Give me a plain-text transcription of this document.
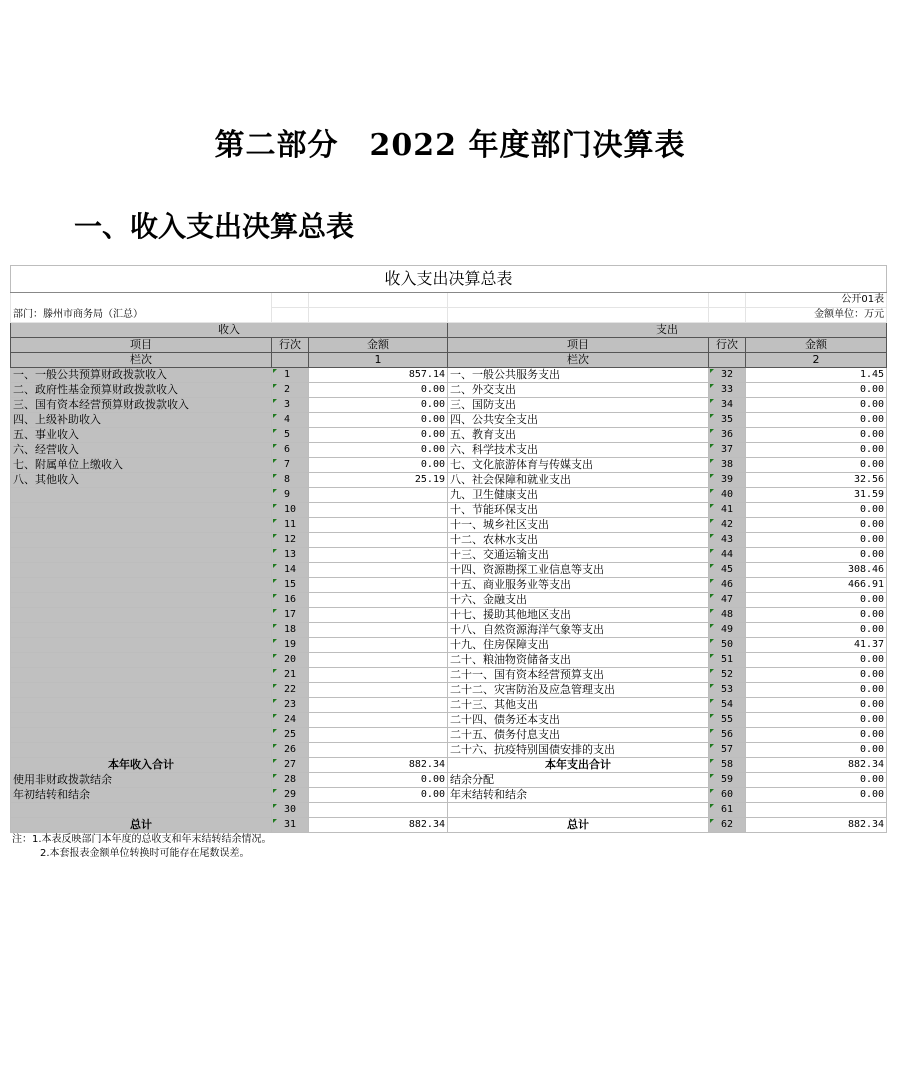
第二部分　2022 年度部门决算表
一、收入支出决算总表
收入支出决算总表					
部门：滕州市商务局（汇总）					公开01表
					金额单位：万元
收入			支出		
项目	行次	金额	项目	行次	金额
栏次		1	栏次		2
一、一般公共预算财政拨款收入	1	857.14	一、一般公共服务支出	32	1.45
二、政府性基金预算财政拨款收入	2	0.00	二、外交支出	33	0.00
三、国有资本经营预算财政拨款收入	3	0.00	三、国防支出	34	0.00
四、上级补助收入	4	0.00	四、公共安全支出	35	0.00
五、事业收入	5	0.00	五、教育支出	36	0.00
六、经营收入	6	0.00	六、科学技术支出	37	0.00
七、附属单位上缴收入	7	0.00	七、文化旅游体育与传媒支出	38	0.00
八、其他收入	8	25.19	八、社会保障和就业支出	39	32.56
	9		九、卫生健康支出	40	31.59
	10		十、节能环保支出	41	0.00
	11		十一、城乡社区支出	42	0.00
	12		十二、农林水支出	43	0.00
	13		十三、交通运输支出	44	0.00
	14		十四、资源勘探工业信息等支出	45	308.46
	15		十五、商业服务业等支出	46	466.91
	16		十六、金融支出	47	0.00
	17		十七、援助其他地区支出	48	0.00
	18		十八、自然资源海洋气象等支出	49	0.00
	19		十九、住房保障支出	50	41.37
	20		二十、粮油物资储备支出	51	0.00
	21		二十一、国有资本经营预算支出	52	0.00
	22		二十二、灾害防治及应急管理支出	53	0.00
	23		二十三、其他支出	54	0.00
	24		二十四、债务还本支出	55	0.00
	25		二十五、债务付息支出	56	0.00
	26		二十六、抗疫特别国债安排的支出	57	0.00
本年收入合计	27	882.34	本年支出合计	58	882.34
使用非财政拨款结余	28	0.00	结余分配	59	0.00
年初结转和结余	29	0.00	年末结转和结余	60	0.00
	30			61	
总计	31	882.34	总计	62	882.34
注：1.本表反映部门本年度的总收支和年末结转结余情况。
2.本套报表金额单位转换时可能存在尾数误差。
